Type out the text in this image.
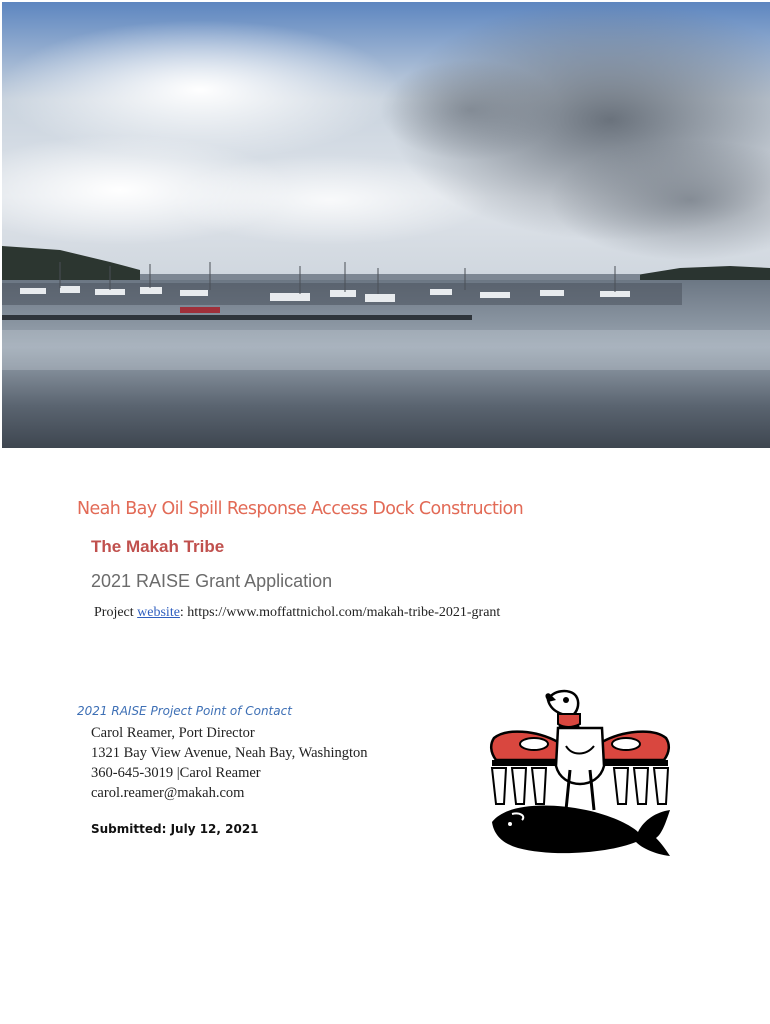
Neah Bay Oil Spill Response Access Dock Construction
The Makah Tribe

2021 RAISE Grant Application

Project website: https://www.moffattnichol.com/makah-tribe-2021-grant

2021 RAISE Project Point of Contact

Carol Reamer, Port Director
1321 Bay View Avenue, Neah Bay, Washington
360-645-3019 |Carol Reamer
carol.reamer@makah.com

Submitted: July 12, 2021
